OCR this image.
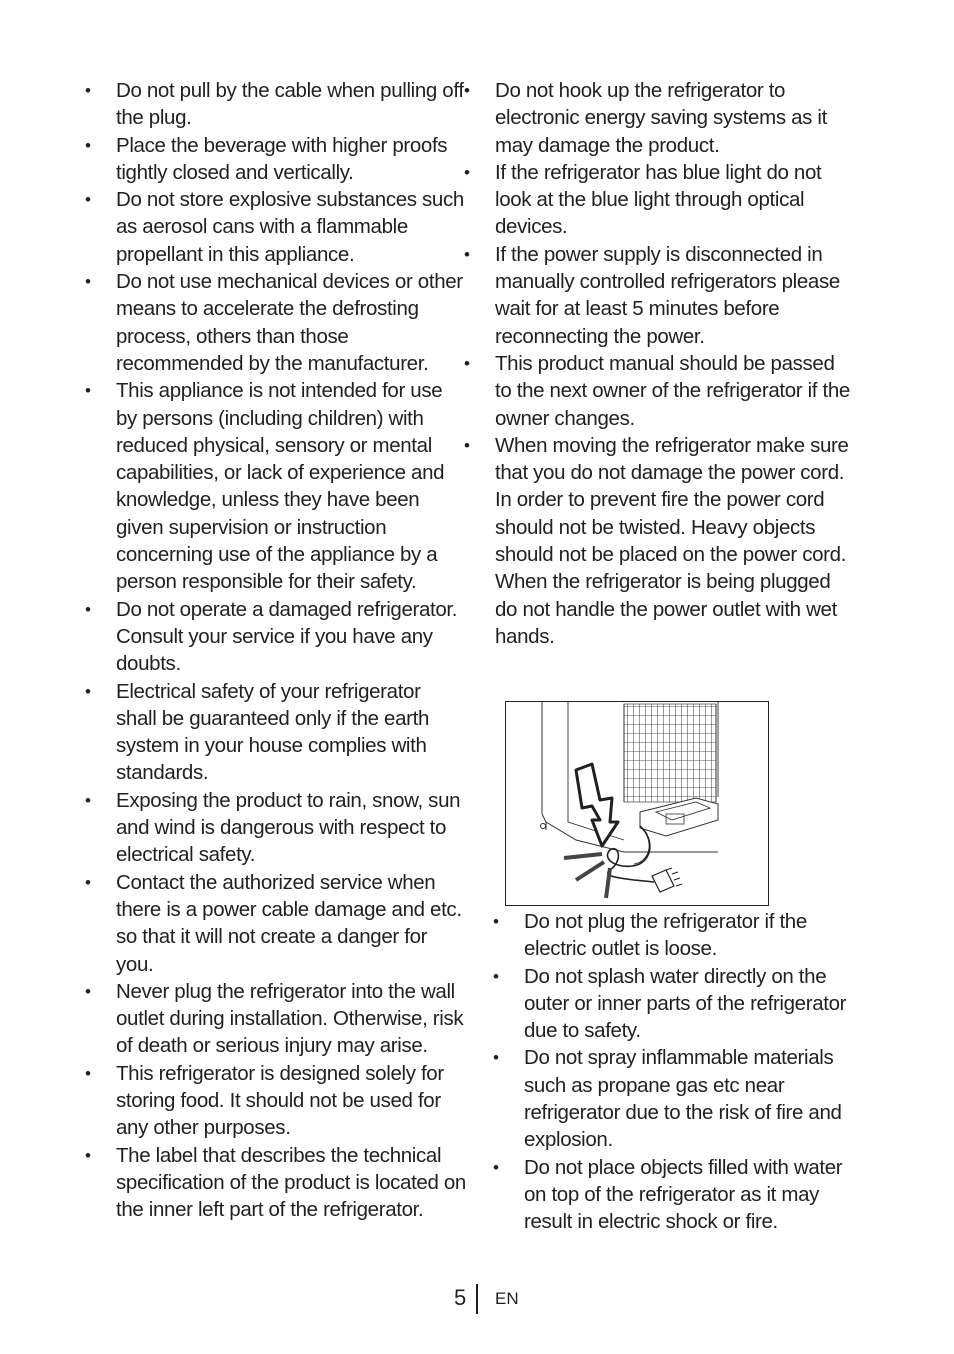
• Do not pull by the cable when pulling off the plug.
• Place the beverage with higher proofs tightly closed and vertically.
• Do not store explosive substances such as aerosol cans with a flammable propellant in this appliance.
• Do not use mechanical devices or other means to accelerate the defrosting process, others than those recommended by the manufacturer.
• This appliance is not intended for use by persons (including children) with reduced physical, sensory or mental capabilities, or lack of experience and knowledge, unless they have been given supervision or instruction concerning use of the appliance by a person responsible for their safety.
• Do not operate a damaged refrigerator. Consult your service if you have any doubts.
• Electrical safety of your refrigerator shall be guaranteed only if the earth system in your house complies with standards.
• Exposing the product to rain, snow, sun and wind is dangerous with respect to electrical safety.
• Contact the authorized service when there is a power cable damage and etc. so that it will not create a danger for you.
• Never plug the refrigerator into the wall outlet during installation. Otherwise, risk of death or serious injury may arise.
• This refrigerator is designed solely for storing food. It should not be used for any other purposes.
• The label that describes the technical specification of the product is located on the inner left part of the refrigerator.
• Do not hook up the refrigerator to electronic energy saving systems as it may damage the product.
• If the refrigerator has blue light do not look at the blue light through optical devices.
• If the power supply is disconnected in manually controlled refrigerators please wait for at least 5 minutes before reconnecting the power.
• This product manual should be passed to the next owner of the refrigerator if the owner changes.
• When moving the refrigerator make sure that you do not damage the power cord. In order to prevent fire the power cord should not be twisted. Heavy objects should not be placed on the power cord. When the refrigerator is being plugged do not handle the power outlet with wet hands.
• Do not plug the refrigerator if the electric outlet is loose.
• Do not splash water directly on the outer or inner parts of the refrigerator due to safety.
• Do not spray inflammable materials such as propane gas etc near refrigerator due to the risk of fire and explosion.
• Do not place objects filled with water on top of the refrigerator as it may result in electric shock or fire.
5 EN
